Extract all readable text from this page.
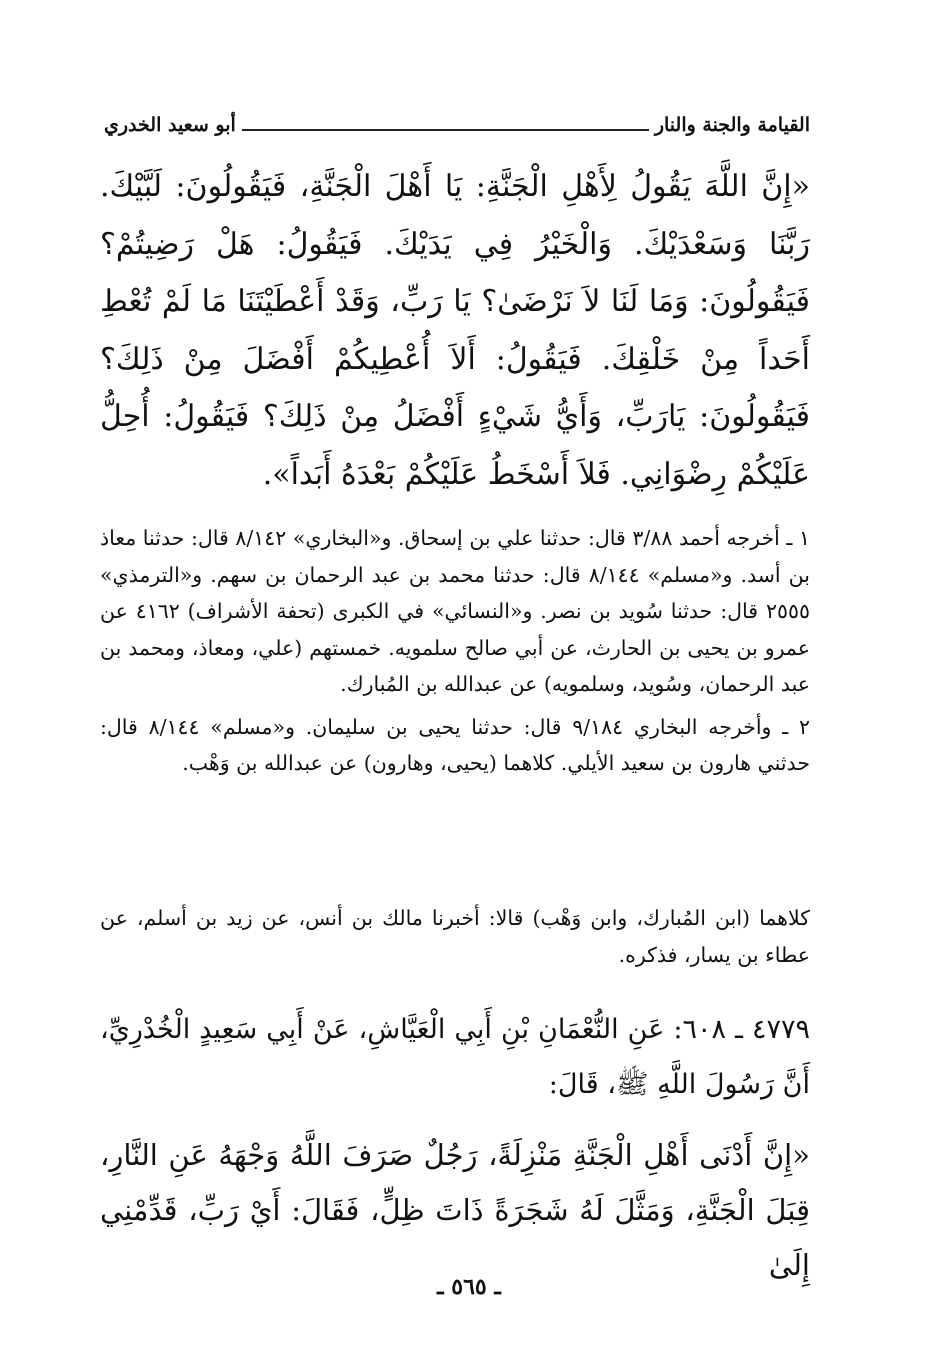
القيامة والجنة والنار
أبو سعيد الخدري
«إِنَّ اللَّهَ يَقُولُ لِأَهْلِ الْجَنَّةِ: يَا أَهْلَ الْجَنَّةِ، فَيَقُولُونَ: لَبَّيْكَ. رَبَّنَا وَسَعْدَيْكَ. وَالْخَيْرُ فِي يَدَيْكَ. فَيَقُولُ: هَلْ رَضِيتُمْ؟ فَيَقُولُونَ: وَمَا لَنَا لاَ نَرْضَىٰ؟ يَا رَبِّ، وَقَدْ أَعْطَيْتَنَا مَا لَمْ تُعْطِ أَحَداً مِنْ خَلْقِكَ. فَيَقُولُ: أَلاَ أُعْطِيكُمْ أَفْضَلَ مِنْ ذَلِكَ؟ فَيَقُولُونَ: يَارَبِّ، وَأَيُّ شَيْءٍ أَفْضَلُ مِنْ ذَلِكَ؟ فَيَقُولُ: أُحِلُّ عَلَيْكُمْ رِضْوَانِي. فَلاَ أَسْخَطُ عَلَيْكُمْ بَعْدَهُ أَبَداً».

١ ـ أخرجه أحمد ٣/٨٨ قال: حدثنا علي بن إسحاق. و«البخاري» ٨/١٤٢ قال: حدثنا معاذ بن أسد. و«مسلم» ٨/١٤٤ قال: حدثنا محمد بن عبد الرحمان بن سهم. و«الترمذي» ٢٥٥٥ قال: حدثنا سُويد بن نصر. و«النسائي» في الكبرى (تحفة الأشراف) ٤١٦٢ عن عمرو بن يحيى بن الحارث، عن أبي صالح سلمويه. خمستهم (علي، ومعاذ، ومحمد بن عبد الرحمان، وسُويد، وسلمويه) عن عبدالله بن المُبارك.

٢ ـ وأخرجه البخاري ٩/١٨٤ قال: حدثنا يحيى بن سليمان. و«مسلم» ٨/١٤٤ قال: حدثني هارون بن سعيد الأيلي. كلاهما (يحيى، وهارون) عن عبدالله بن وَهْب.

كلاهما (ابن المُبارك، وابن وَهْب) قالا: أخبرنا مالك بن أنس، عن زيد بن أسلم، عن عطاء بن يسار، فذكره.
٤٧٧٩ ـ ٦٠٨: عَنِ النُّعْمَانِ بْنِ أَبِي الْعَيَّاشِ، عَنْ أَبِي سَعِيدٍ الْخُدْرِيِّ، أَنَّ رَسُولَ اللَّهِ ﷺ، قَالَ:
«إِنَّ أَدْنَى أَهْلِ الْجَنَّةِ مَنْزِلَةً، رَجُلٌ صَرَفَ اللَّهُ وَجْهَهُ عَنِ النَّارِ، قِبَلَ الْجَنَّةِ، وَمَثَّلَ لَهُ شَجَرَةً ذَاتَ ظِلٍّ، فَقَالَ: أَيْ رَبِّ، قَدِّمْنِي إِلَىٰ
ـ ٥٦٥ ـ
